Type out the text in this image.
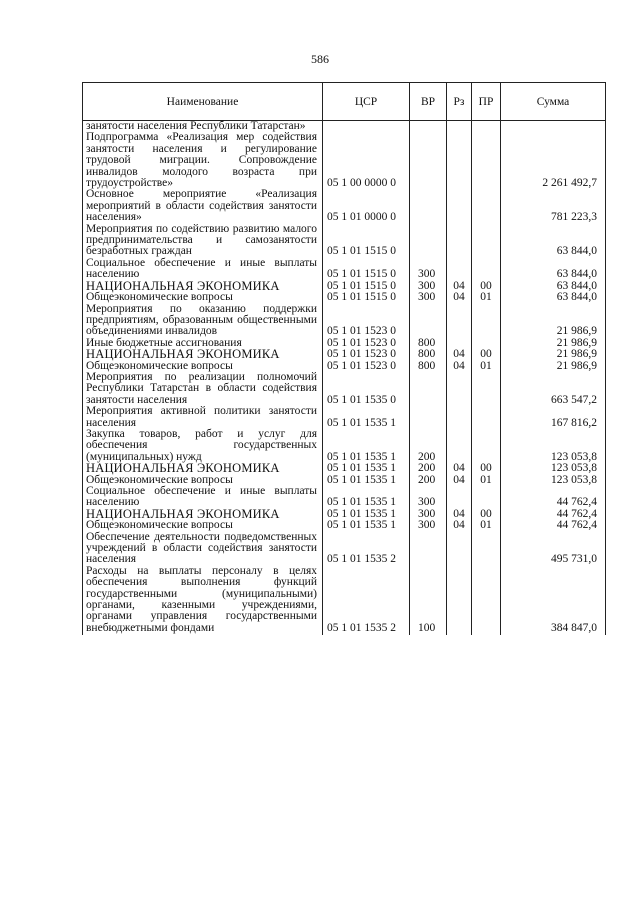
586
Наименование	ЦСР	ВР	Рз	ПР	Сумма
занятости населения Республики Татарстан»					
Подпрограмма «Реализация мер содействия занятости населения и регулирование трудовой миграции. Сопровождение инвалидов молодого возраста при трудоустройстве»	05 1 00 0000 0				2 261 492,7
Основное мероприятие «Реализация мероприятий в области содействия занятости населения»	05 1 01 0000 0				781 223,3
Мероприятия по содействию развитию малого предпринимательства и самозанятости безработных граждан	05 1 01 1515 0				63 844,0
Социальное обеспечение и иные выплаты населению	05 1 01 1515 0	300			63 844,0
НАЦИОНАЛЬНАЯ ЭКОНОМИКА	05 1 01 1515 0	300	04	00	63 844,0
Общеэкономические вопросы	05 1 01 1515 0	300	04	01	63 844,0
Мероприятия по оказанию поддержки предприятиям, образованным общественными объединениями инвалидов	05 1 01 1523 0				21 986,9
Иные бюджетные ассигнования	05 1 01 1523 0	800			21 986,9
НАЦИОНАЛЬНАЯ ЭКОНОМИКА	05 1 01 1523 0	800	04	00	21 986,9
Общеэкономические вопросы	05 1 01 1523 0	800	04	01	21 986,9
Мероприятия по реализации полномочий Республики Татарстан в области содействия занятости населения	05 1 01 1535 0				663 547,2
Мероприятия активной политики занятости населения	05 1 01 1535 1				167 816,2
Закупка товаров, работ и услуг для обеспечения государственных (муниципальных) нужд	05 1 01 1535 1	200			123 053,8
НАЦИОНАЛЬНАЯ ЭКОНОМИКА	05 1 01 1535 1	200	04	00	123 053,8
Общеэкономические вопросы	05 1 01 1535 1	200	04	01	123 053,8
Социальное обеспечение и иные выплаты населению	05 1 01 1535 1	300			44 762,4
НАЦИОНАЛЬНАЯ ЭКОНОМИКА	05 1 01 1535 1	300	04	00	44 762,4
Общеэкономические вопросы	05 1 01 1535 1	300	04	01	44 762,4
Обеспечение деятельности подведомственных учреждений в области содействия занятости населения	05 1 01 1535 2				495 731,0
Расходы на выплаты персоналу в целях обеспечения выполнения функций государственными (муниципальными) органами, казенными учреждениями, органами управления государственными внебюджетными фондами	05 1 01 1535 2	100			384 847,0
